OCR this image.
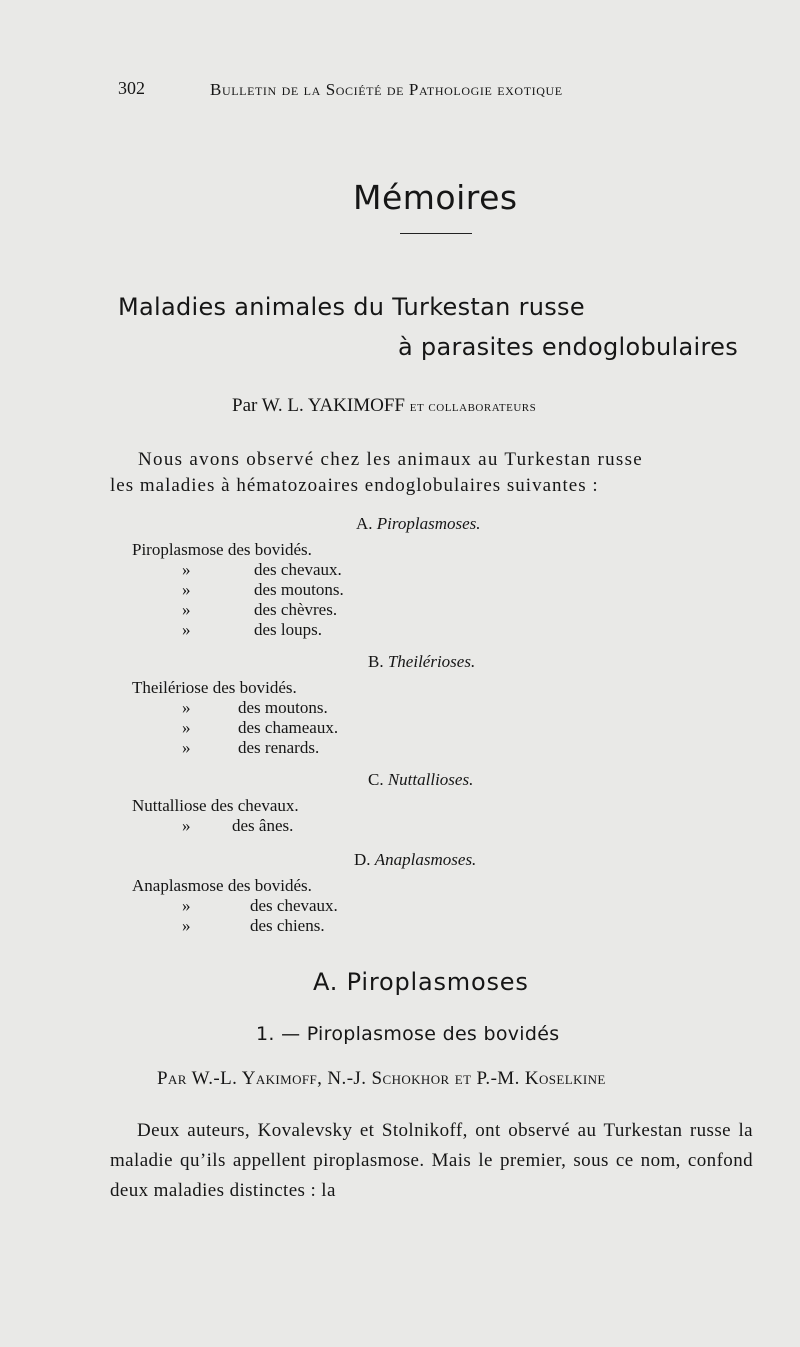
302	Bulletin de la Société de Pathologie exotique
Mémoires
Maladies animales du Turkestan russe
à parasites endoglobulaires
Par W. L. YAKIMOFF et collaborateurs
Nous avons observé chez les animaux au Turkestan russe
les maladies à hématozoaires endoglobulaires suivantes :
A. Piroplasmoses.
Piroplasmose des bovidés.
»	des chevaux.
»	des moutons.
»	des chèvres.
»	des loups.
B. Theilérioses.
Theilériose des bovidés.
»	des moutons.
»	des chameaux.
»	des renards.
C. Nuttallioses.
Nuttalliose des chevaux.
» des ânes.
D. Anaplasmoses.
Anaplasmose des bovidés.
»	des chevaux.
»	des chiens.
A. Piroplasmoses
1. — Piroplasmose des bovidés
Par W.-L. Yakimoff, N.-J. Schokhor et P.-M. Koselkine

Deux auteurs, Kovalevsky et Stolnikoff, ont observé au Turkestan russe la maladie qu’ils appellent piroplasmose. Mais le premier, sous ce nom, confond deux maladies distinctes : la
